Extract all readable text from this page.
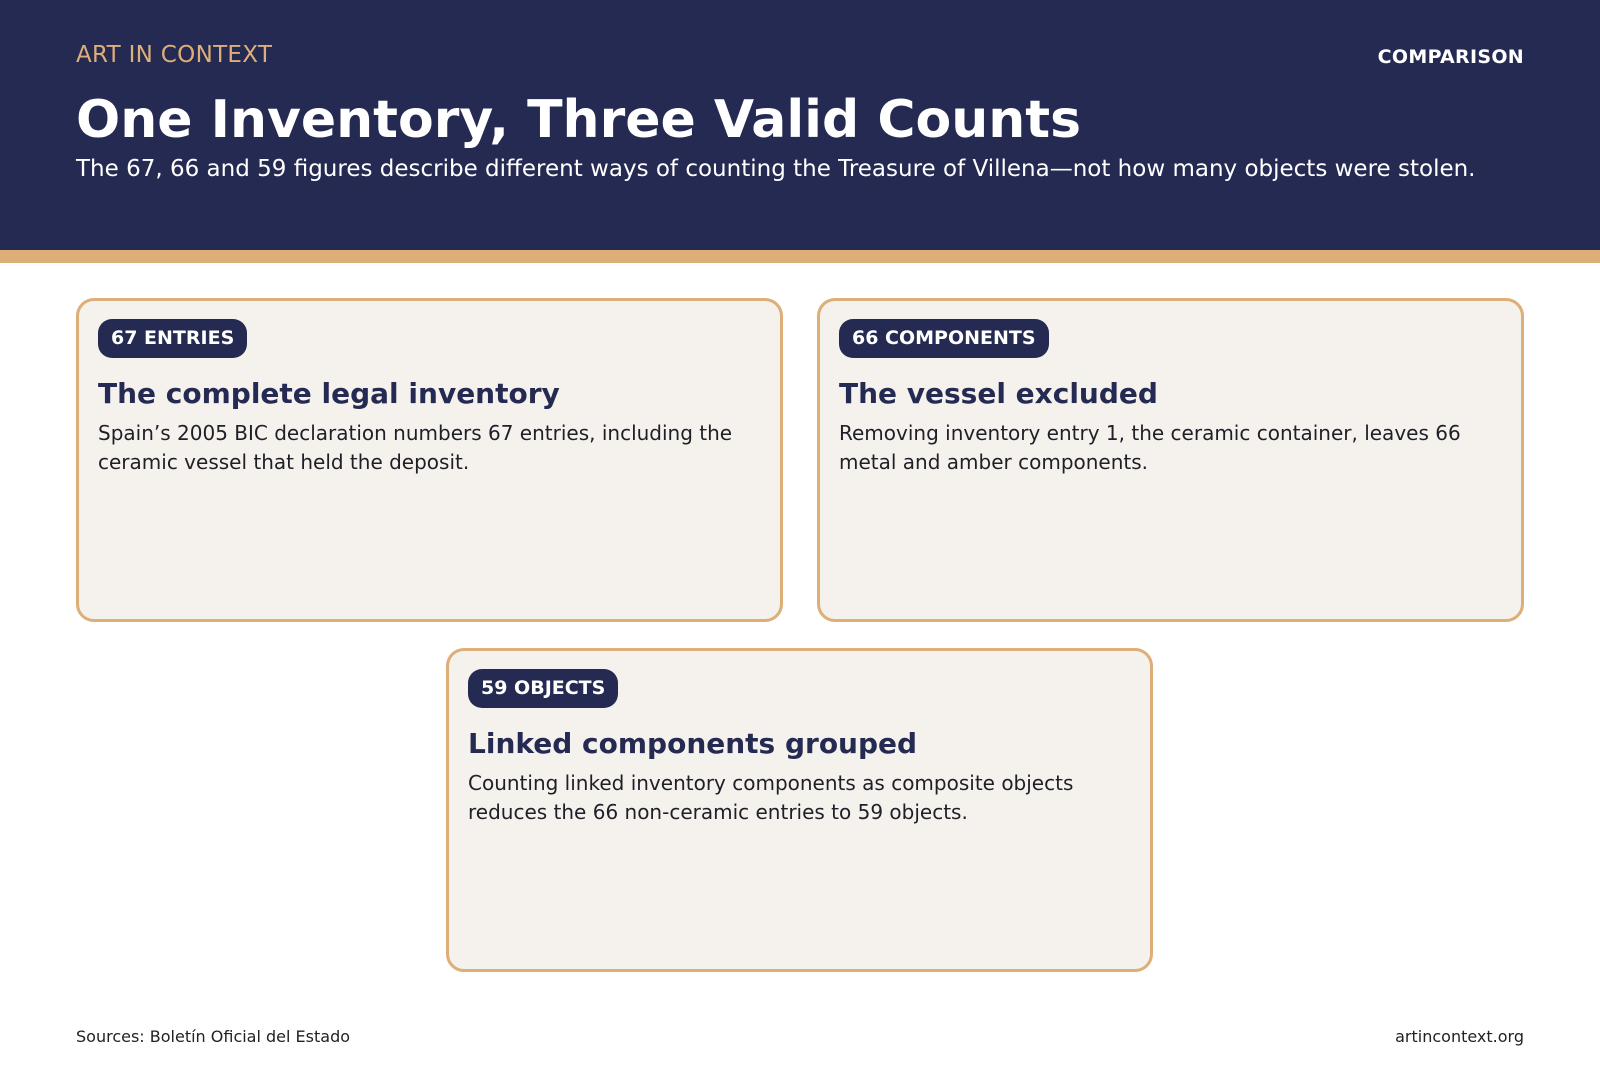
ART IN CONTEXT	COMPARISON
One Inventory, Three Valid Counts

The 67, 66 and 59 figures describe different ways of counting the Treasure of Villena—not how many objects were stolen.

67 ENTRIES
The complete legal inventory

Spain’s 2005 BIC declaration numbers 67 entries, including the ceramic vessel that held the deposit.

66 COMPONENTS
The vessel excluded

Removing inventory entry 1, the ceramic container, leaves 66 metal and amber components.

59 OBJECTS
Linked components grouped

Counting linked inventory components as composite objects reduces the 66 non-ceramic entries to 59 objects.

Sources: Boletín Oficial del Estado	artincontext.org
